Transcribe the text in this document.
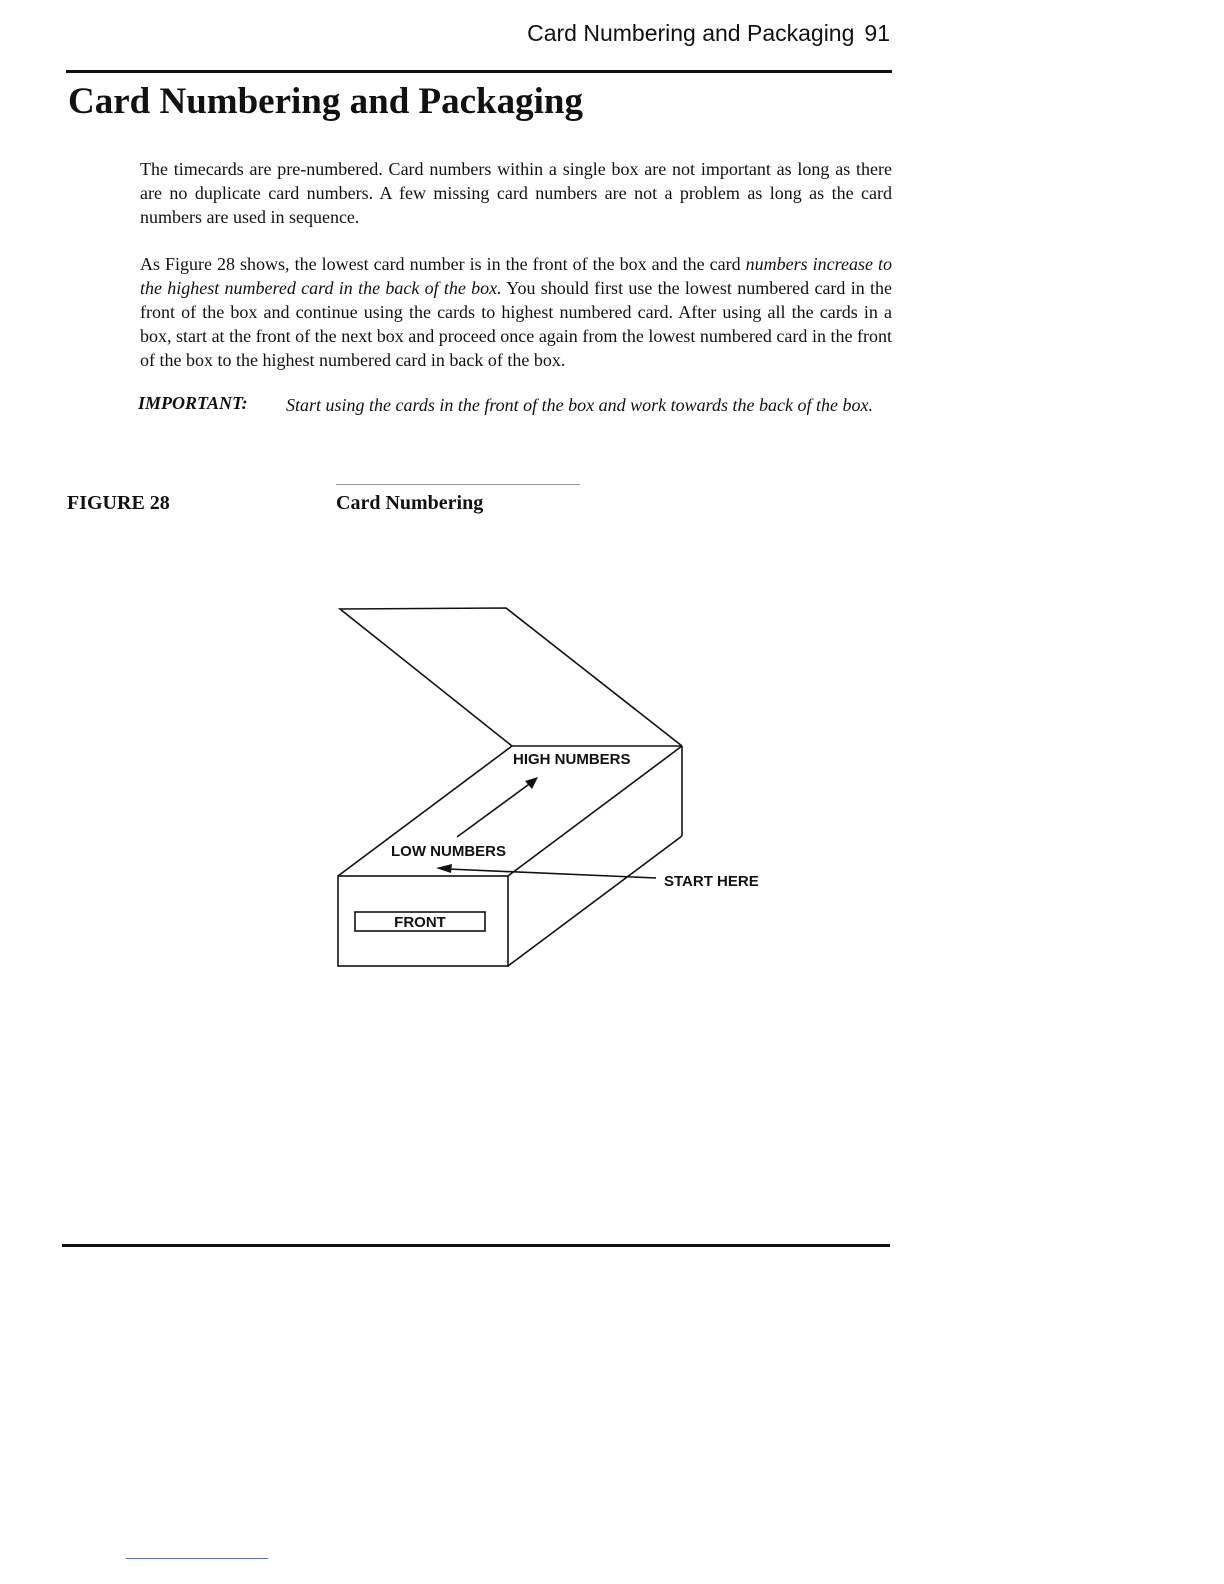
Card Numbering and Packaging 91
Card Numbering and Packaging

The timecards are pre-numbered. Card numbers within a single box are not important as long as there are no duplicate card numbers. A few missing card numbers are not a problem as long as the card numbers are used in sequence.

As Figure 28 shows, the lowest card number is in the front of the box and the card numbers increase to the highest numbered card in the back of the box. You should first use the lowest numbered card in the front of the box and continue using the cards to highest numbered card. After using all the cards in a box, start at the front of the next box and proceed once again from the lowest numbered card in the front of the box to the highest numbered card in back of the box.

IMPORTANT: Start using the cards in the front of the box and work towards the back of the box.
FIGURE 28	Card Numbering
FRONT
HIGH NUMBERS
LOW NUMBERS
START HERE
